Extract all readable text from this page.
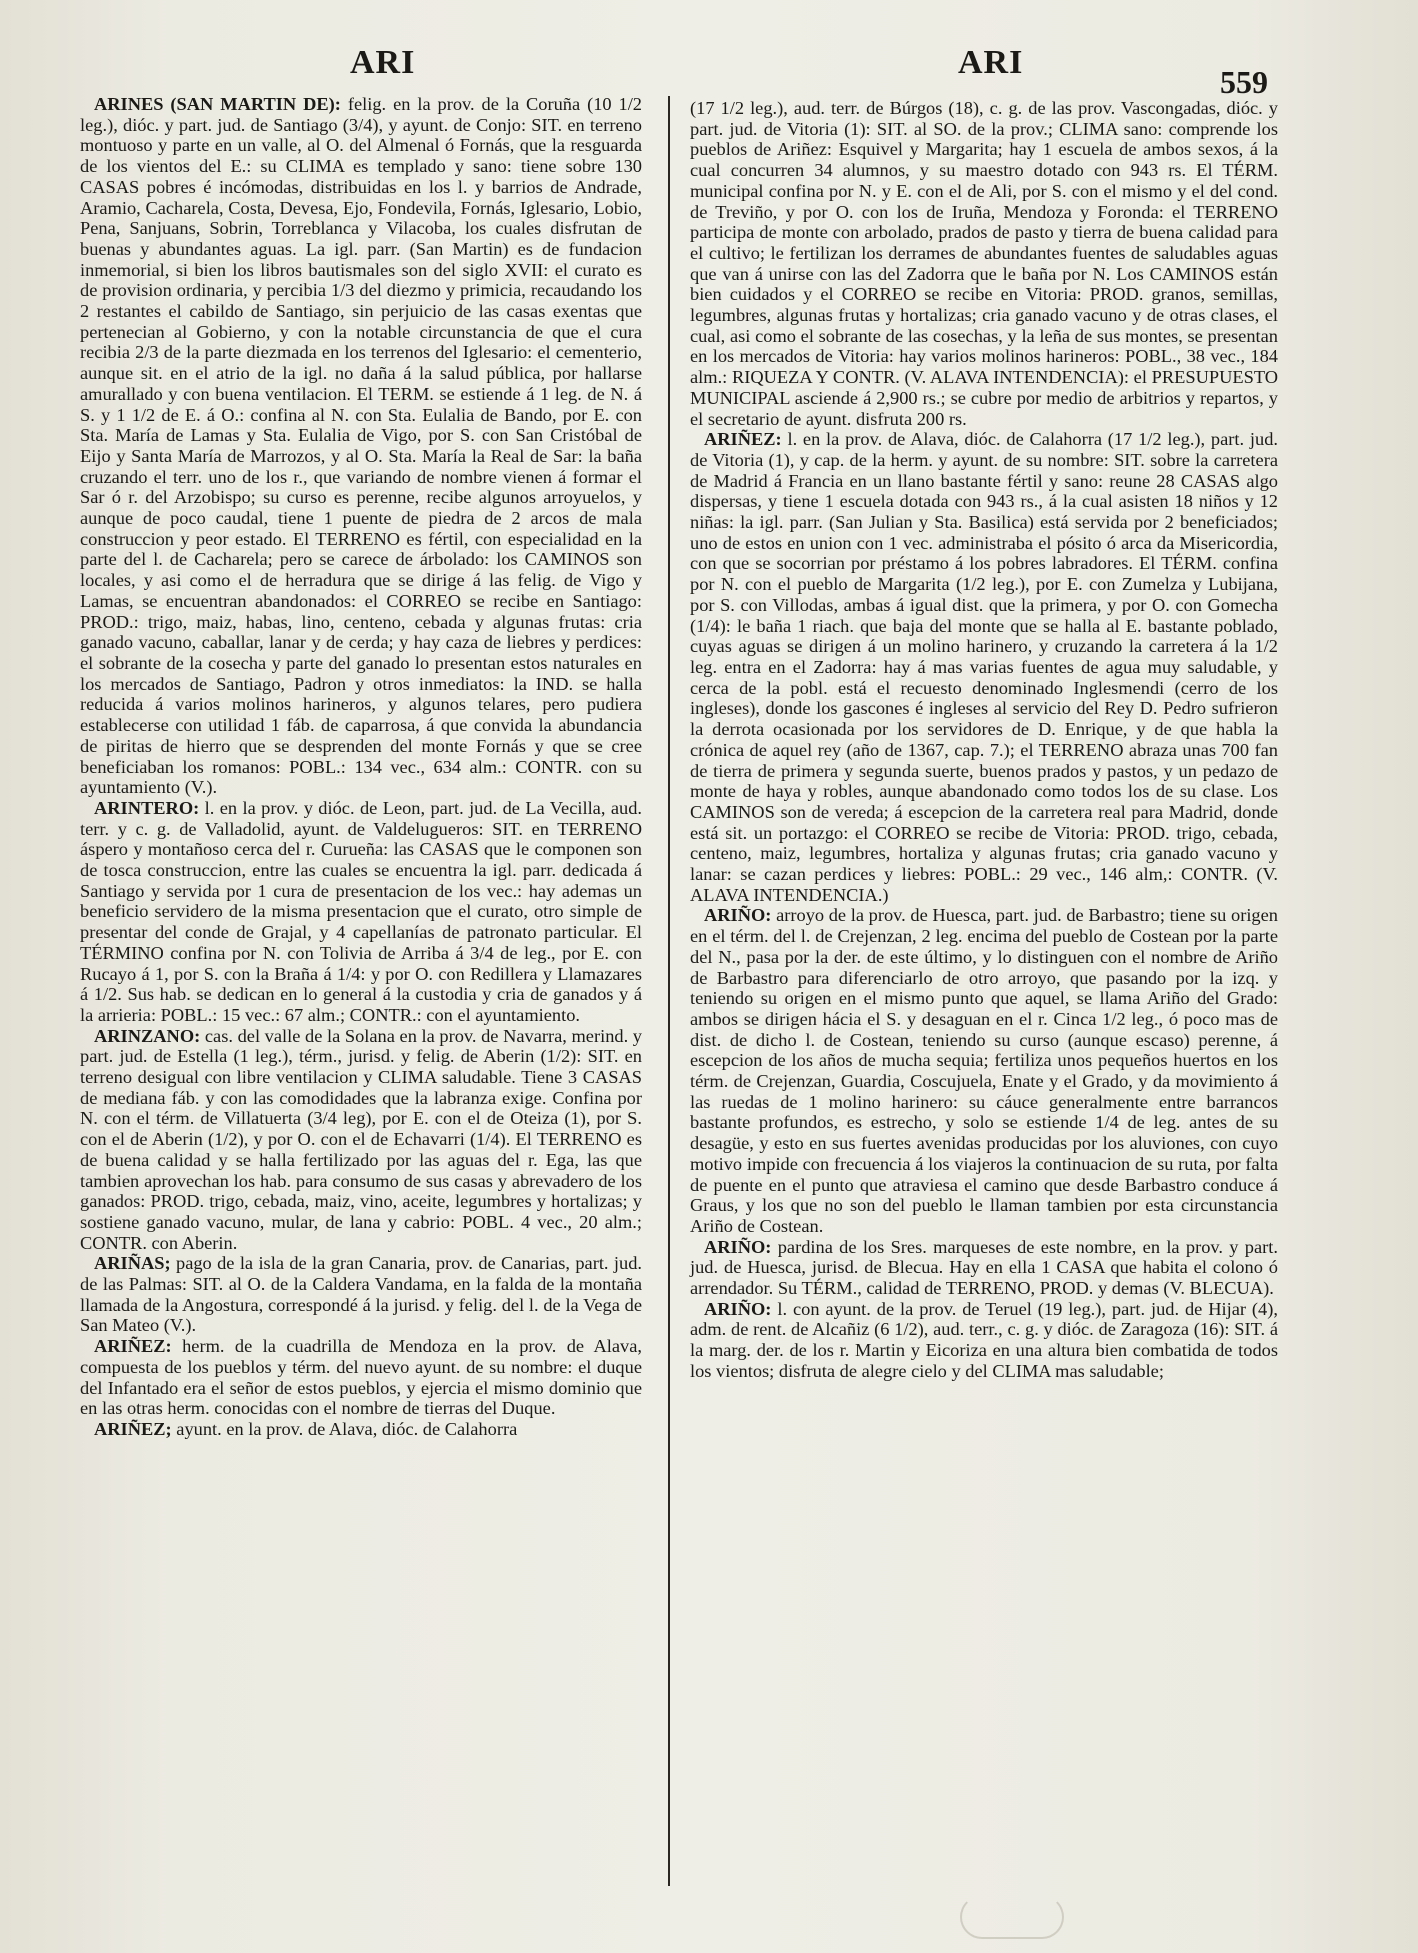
ARI	ARI
559

ARINES (SAN MARTIN DE): felig. en la prov. de la Coruña (10 1/2 leg.), dióc. y part. jud. de Santiago (3/4), y ayunt. de Conjo: SIT. en terreno montuoso y parte en un valle, al O. del Almenal ó Fornás, que la resguarda de los vientos del E.: su CLIMA es templado y sano: tiene sobre 130 CASAS pobres é incómodas, distribuidas en los l. y barrios de Andrade, Aramio, Cacharela, Costa, Devesa, Ejo, Fondevila, Fornás, Iglesario, Lobio, Pena, Sanjuans, Sobrin, Torreblanca y Vilacoba, los cuales disfrutan de buenas y abundantes aguas. La igl. parr. (San Martin) es de fundacion inmemorial, si bien los libros bautismales son del siglo XVII: el curato es de provision ordinaria, y percibia 1/3 del diezmo y primicia, recaudando los 2 restantes el cabildo de Santiago, sin perjuicio de las casas exentas que pertenecian al Gobierno, y con la notable circunstancia de que el cura recibia 2/3 de la parte diezmada en los terrenos del Iglesario: el cementerio, aunque sit. en el atrio de la igl. no daña á la salud pública, por hallarse amurallado y con buena ventilacion. El TERM. se estiende á 1 leg. de N. á S. y 1 1/2 de E. á O.: confina al N. con Sta. Eulalia de Bando, por E. con Sta. María de Lamas y Sta. Eulalia de Vigo, por S. con San Cristóbal de Eijo y Santa María de Marrozos, y al O. Sta. María la Real de Sar: la baña cruzando el terr. uno de los r., que variando de nombre vienen á formar el Sar ó r. del Arzobispo; su curso es perenne, recibe algunos arroyuelos, y aunque de poco caudal, tiene 1 puente de piedra de 2 arcos de mala construccion y peor estado. El TERRENO es fértil, con especialidad en la parte del l. de Cacharela; pero se carece de árbolado: los CAMINOS son locales, y asi como el de herradura que se dirige á las felig. de Vigo y Lamas, se encuentran abandonados: el CORREO se recibe en Santiago: PROD.: trigo, maiz, habas, lino, centeno, cebada y algunas frutas: cria ganado vacuno, caballar, lanar y de cerda; y hay caza de liebres y perdices: el sobrante de la cosecha y parte del ganado lo presentan estos naturales en los mercados de Santiago, Padron y otros inmediatos: la IND. se halla reducida á varios molinos harineros, y algunos telares, pero pudiera establecerse con utilidad 1 fáb. de caparrosa, á que convida la abundancia de piritas de hierro que se desprenden del monte Fornás y que se cree beneficiaban los romanos: POBL.: 134 vec., 634 alm.: CONTR. con su ayuntamiento (V.).

ARINTERO: l. en la prov. y dióc. de Leon, part. jud. de La Vecilla, aud. terr. y c. g. de Valladolid, ayunt. de Valdelugueros: SIT. en TERRENO áspero y montañoso cerca del r. Curueña: las CASAS que le componen son de tosca construccion, entre las cuales se encuentra la igl. parr. dedicada á Santiago y servida por 1 cura de presentacion de los vec.: hay ademas un beneficio servidero de la misma presentacion que el curato, otro simple de presentar del conde de Grajal, y 4 capellanías de patronato particular. El TÉRMINO confina por N. con Tolivia de Arriba á 3/4 de leg., por E. con Rucayo á 1, por S. con la Braña á 1/4: y por O. con Redillera y Llamazares á 1/2. Sus hab. se dedican en lo general á la custodia y cria de ganados y á la arrieria: POBL.: 15 vec.: 67 alm.; CONTR.: con el ayuntamiento.

ARINZANO: cas. del valle de la Solana en la prov. de Navarra, merind. y part. jud. de Estella (1 leg.), térm., jurisd. y felig. de Aberin (1/2): SIT. en terreno desigual con libre ventilacion y CLIMA saludable. Tiene 3 CASAS de mediana fáb. y con las comodidades que la labranza exige. Confina por N. con el térm. de Villatuerta (3/4 leg), por E. con el de Oteiza (1), por S. con el de Aberin (1/2), y por O. con el de Echavarri (1/4). El TERRENO es de buena calidad y se halla fertilizado por las aguas del r. Ega, las que tambien aprovechan los hab. para consumo de sus casas y abrevadero de los ganados: PROD. trigo, cebada, maiz, vino, aceite, legumbres y hortalizas; y sostiene ganado vacuno, mular, de lana y cabrio: POBL. 4 vec., 20 alm.; CONTR. con Aberin.

ARIÑAS; pago de la isla de la gran Canaria, prov. de Canarias, part. jud. de las Palmas: SIT. al O. de la Caldera Vandama, en la falda de la montaña llamada de la Angostura, correspondé á la jurisd. y felig. del l. de la Vega de San Mateo (V.).

ARIÑEZ: herm. de la cuadrilla de Mendoza en la prov. de Alava, compuesta de los pueblos y térm. del nuevo ayunt. de su nombre: el duque del Infantado era el señor de estos pueblos, y ejercia el mismo dominio que en las otras herm. conocidas con el nombre de tierras del Duque.

ARIÑEZ; ayunt. en la prov. de Alava, dióc. de Calahorra

(17 1/2 leg.), aud. terr. de Búrgos (18), c. g. de las prov. Vascongadas, dióc. y part. jud. de Vitoria (1): SIT. al SO. de la prov.; CLIMA sano: comprende los pueblos de Ariñez: Esquivel y Margarita; hay 1 escuela de ambos sexos, á la cual concurren 34 alumnos, y su maestro dotado con 943 rs. El TÉRM. municipal confina por N. y E. con el de Ali, por S. con el mismo y el del cond. de Treviño, y por O. con los de Iruña, Mendoza y Foronda: el TERRENO participa de monte con arbolado, prados de pasto y tierra de buena calidad para el cultivo; le fertilizan los derrames de abundantes fuentes de saludables aguas que van á unirse con las del Zadorra que le baña por N. Los CAMINOS están bien cuidados y el CORREO se recibe en Vitoria: PROD. granos, semillas, legumbres, algunas frutas y hortalizas; cria ganado vacuno y de otras clases, el cual, asi como el sobrante de las cosechas, y la leña de sus montes, se presentan en los mercados de Vitoria: hay varios molinos harineros: POBL., 38 vec., 184 alm.: RIQUEZA Y CONTR. (V. ALAVA INTENDENCIA): el PRESUPUESTO MUNICIPAL asciende á 2,900 rs.; se cubre por medio de arbitrios y repartos, y el secretario de ayunt. disfruta 200 rs.

ARIÑEZ: l. en la prov. de Alava, dióc. de Calahorra (17 1/2 leg.), part. jud. de Vitoria (1), y cap. de la herm. y ayunt. de su nombre: SIT. sobre la carretera de Madrid á Francia en un llano bastante fértil y sano: reune 28 CASAS algo dispersas, y tiene 1 escuela dotada con 943 rs., á la cual asisten 18 niños y 12 niñas: la igl. parr. (San Julian y Sta. Basilica) está servida por 2 beneficiados; uno de estos en union con 1 vec. administraba el pósito ó arca da Misericordia, con que se socorrian por préstamo á los pobres labradores. El TÉRM. confina por N. con el pueblo de Margarita (1/2 leg.), por E. con Zumelza y Lubijana, por S. con Villodas, ambas á igual dist. que la primera, y por O. con Gomecha (1/4): le baña 1 riach. que baja del monte que se halla al E. bastante poblado, cuyas aguas se dirigen á un molino harinero, y cruzando la carretera á la 1/2 leg. entra en el Zadorra: hay á mas varias fuentes de agua muy saludable, y cerca de la pobl. está el recuesto denominado Inglesmendi (cerro de los ingleses), donde los gascones é ingleses al servicio del Rey D. Pedro sufrieron la derrota ocasionada por los servidores de D. Enrique, y de que habla la crónica de aquel rey (año de 1367, cap. 7.); el TERRENO abraza unas 700 fan de tierra de primera y segunda suerte, buenos prados y pastos, y un pedazo de monte de haya y robles, aunque abandonado como todos los de su clase. Los CAMINOS son de vereda; á escepcion de la carretera real para Madrid, donde está sit. un portazgo: el CORREO se recibe de Vitoria: PROD. trigo, cebada, centeno, maiz, legumbres, hortaliza y algunas frutas; cria ganado vacuno y lanar: se cazan perdices y liebres: POBL.: 29 vec., 146 alm,: CONTR. (V. ALAVA INTENDENCIA.)

ARIÑO: arroyo de la prov. de Huesca, part. jud. de Barbastro; tiene su origen en el térm. del l. de Crejenzan, 2 leg. encima del pueblo de Costean por la parte del N., pasa por la der. de este último, y lo distinguen con el nombre de Ariño de Barbastro para diferenciarlo de otro arroyo, que pasando por la izq. y teniendo su origen en el mismo punto que aquel, se llama Ariño del Grado: ambos se dirigen hácia el S. y desaguan en el r. Cinca 1/2 leg., ó poco mas de dist. de dicho l. de Costean, teniendo su curso (aunque escaso) perenne, á escepcion de los años de mucha sequia; fertiliza unos pequeños huertos en los térm. de Crejenzan, Guardia, Coscujuela, Enate y el Grado, y da movimiento á las ruedas de 1 molino harinero: su cáuce generalmente entre barrancos bastante profundos, es estrecho, y solo se estiende 1/4 de leg. antes de su desagüe, y esto en sus fuertes avenidas producidas por los aluviones, con cuyo motivo impide con frecuencia á los viajeros la continuacion de su ruta, por falta de puente en el punto que atraviesa el camino que desde Barbastro conduce á Graus, y los que no son del pueblo le llaman tambien por esta circunstancia Ariño de Costean.

ARIÑO: pardina de los Sres. marqueses de este nombre, en la prov. y part. jud. de Huesca, jurisd. de Blecua. Hay en ella 1 CASA que habita el colono ó arrendador. Su TÉRM., calidad de TERRENO, PROD. y demas (V. BLECUA).

ARIÑO: l. con ayunt. de la prov. de Teruel (19 leg.), part. jud. de Hijar (4), adm. de rent. de Alcañiz (6 1/2), aud. terr., c. g. y dióc. de Zaragoza (16): SIT. á la marg. der. de los r. Martin y Eicoriza en una altura bien combatida de todos los vientos; disfruta de alegre cielo y del CLIMA mas saludable;
